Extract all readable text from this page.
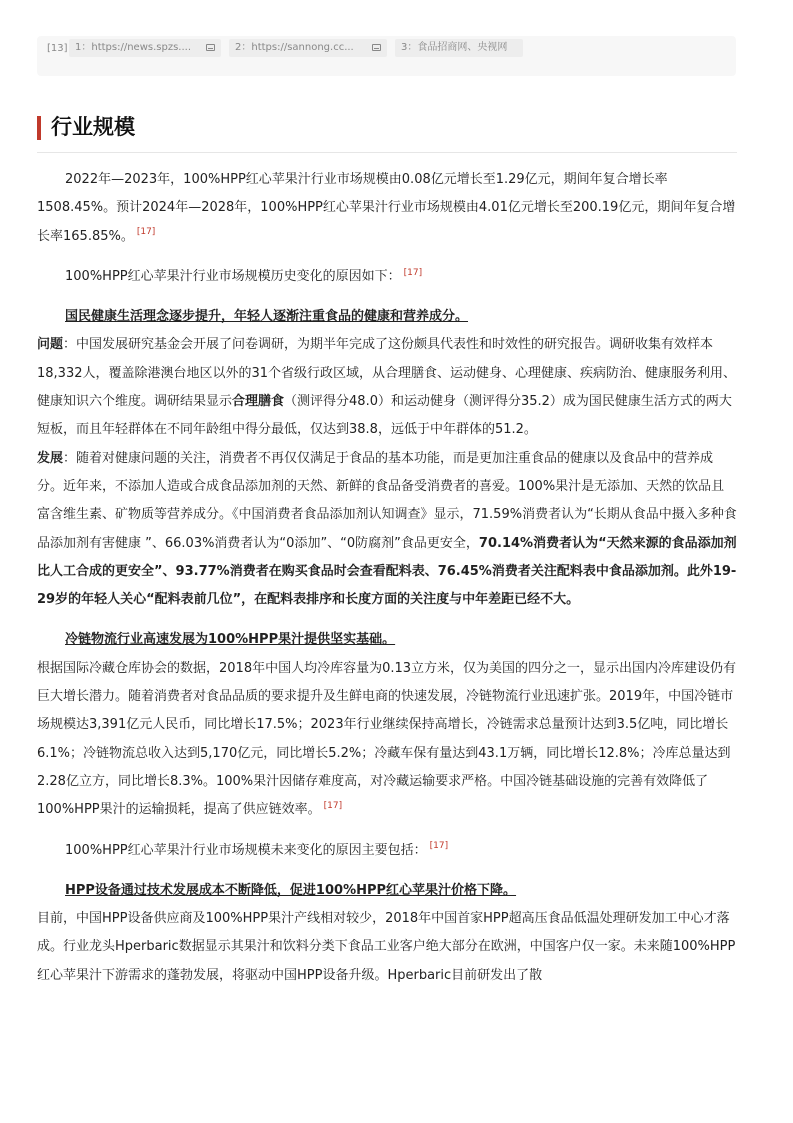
[13] 1：https://news.spzs....	2：https://sannong.cc...	3：食品招商网、央视网
行业规模

2022年—2023年，100%HPP红心苹果汁行业市场规模由0.08亿元增长至1.29亿元，期间年复合增长率1508.45%。预计2024年—2028年，100%HPP红心苹果汁行业市场规模由4.01亿元增长至200.19亿元，期间年复合增长率165.85%。 [17]

100%HPP红心苹果汁行业市场规模历史变化的原因如下： [17]

国民健康生活理念逐步提升，年轻人逐渐注重食品的健康和营养成分。

问题：中国发展研究基金会开展了问卷调研，为期半年完成了这份颇具代表性和时效性的研究报告。调研收集有效样本18,332人，覆盖除港澳台地区以外的31个省级行政区域，从合理膳食、运动健身、心理健康、疾病防治、健康服务利用、健康知识六个维度。调研结果显示合理膳食（测评得分48.0）和运动健身（测评得分35.2）成为国民健康生活方式的两大短板，而且年轻群体在不同年龄组中得分最低，仅达到38.8，远低于中年群体的51.2。

发展：随着对健康问题的关注，消费者不再仅仅满足于食品的基本功能，而是更加注重食品的健康以及食品中的营养成分。近年来，不添加人造或合成食品添加剂的天然、新鲜的食品备受消费者的喜爱。100%果汁是无添加、天然的饮品且富含维生素、矿物质等营养成分。《中国消费者食品添加剂认知调查》显示，71.59%消费者认为“长期从食品中摄入多种食品添加剂有害健康 ”、66.03%消费者认为“0添加”、“0防腐剂”食品更安全，70.14%消费者认为“天然来源的食品添加剂比人工合成的更安全”、93.77%消费者在购买食品时会查看配料表、76.45%消费者关注配料表中食品添加剂。此外19-29岁的年轻人关心“配料表前几位”，在配料表排序和长度方面的关注度与中年差距已经不大。

冷链物流行业高速发展为100%HPP果汁提供坚实基础。

根据国际冷藏仓库协会的数据，2018年中国人均冷库容量为0.13立方米，仅为美国的四分之一，显示出国内冷库建设仍有巨大增长潜力。随着消费者对食品品质的要求提升及生鲜电商的快速发展，冷链物流行业迅速扩张。2019年，中国冷链市场规模达3,391亿元人民币，同比增长17.5%；2023年行业继续保持高增长，冷链需求总量预计达到3.5亿吨，同比增长6.1%；冷链物流总收入达到5,170亿元，同比增长5.2%；冷藏车保有量达到43.1万辆，同比增长12.8%；冷库总量达到2.28亿立方，同比增长8.3%。100%果汁因储存难度高，对冷藏运输要求严格。中国冷链基础设施的完善有效降低了100%HPP果汁的运输损耗，提高了供应链效率。 [17]

100%HPP红心苹果汁行业市场规模未来变化的原因主要包括： [17]

HPP设备通过技术发展成本不断降低，促进100%HPP红心苹果汁价格下降。

目前，中国HPP设备供应商及100%HPP果汁产线相对较少，2018年中国首家HPP超高压食品低温处理研发加工中心才落成。行业龙头Hperbaric数据显示其果汁和饮料分类下食品工业客户绝大部分在欧洲，中国客户仅一家。未来随100%HPP红心苹果汁下游需求的蓬勃发展，将驱动中国HPP设备升级。Hperbaric目前研发出了散
